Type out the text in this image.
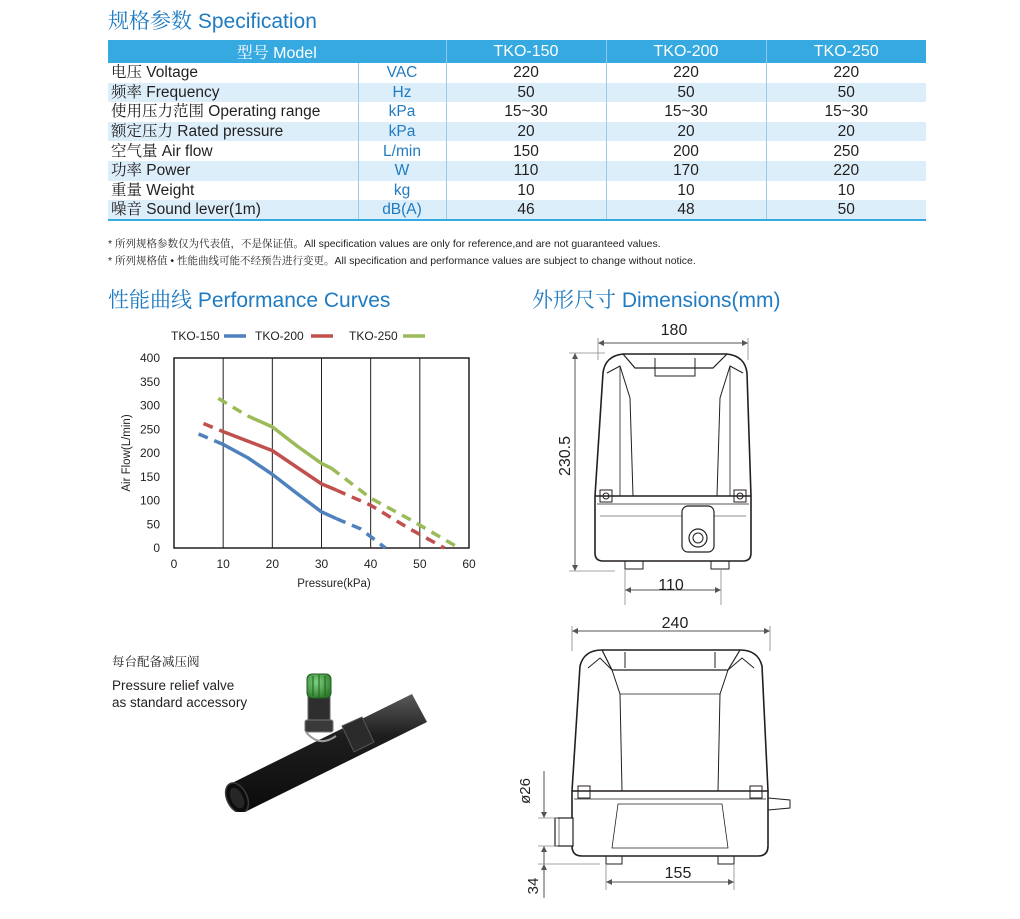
规格参数 Specification
型号 Model		TKO-150	TKO-200	TKO-250
电压 Voltage	VAC	220	220	220
频率 Frequency	Hz	50	50	50
使用压力范围 Operating range	kPa	15~30	15~30	15~30
额定压力 Rated pressure	kPa	20	20	20
空气量 Air flow	L/min	150	200	250
功率 Power	W	110	170	220
重量 Weight	kg	10	10	10
噪音 Sound lever(1m)	dB(A)	46	48	50
* 所列规格参数仅为代表值，不是保证值。All specification values are only for reference,and are not guaranteed values.
* 所列规格值 • 性能曲线可能不经预告进行变更。All specification and performance values are subject to change without notice.
性能曲线 Performance Curves
TKO-150	TKO-200	TKO-250
0
50
100
150
200
250
300
350
400
0	10	20	30	40	50	60
Air Flow(L/min)
Pressure(kPa)
每台配备减压阀
Pressure relief valve
as standard accessory
外形尺寸 Dimensions(mm)
180
230.5
110
240
ø26
34
155
